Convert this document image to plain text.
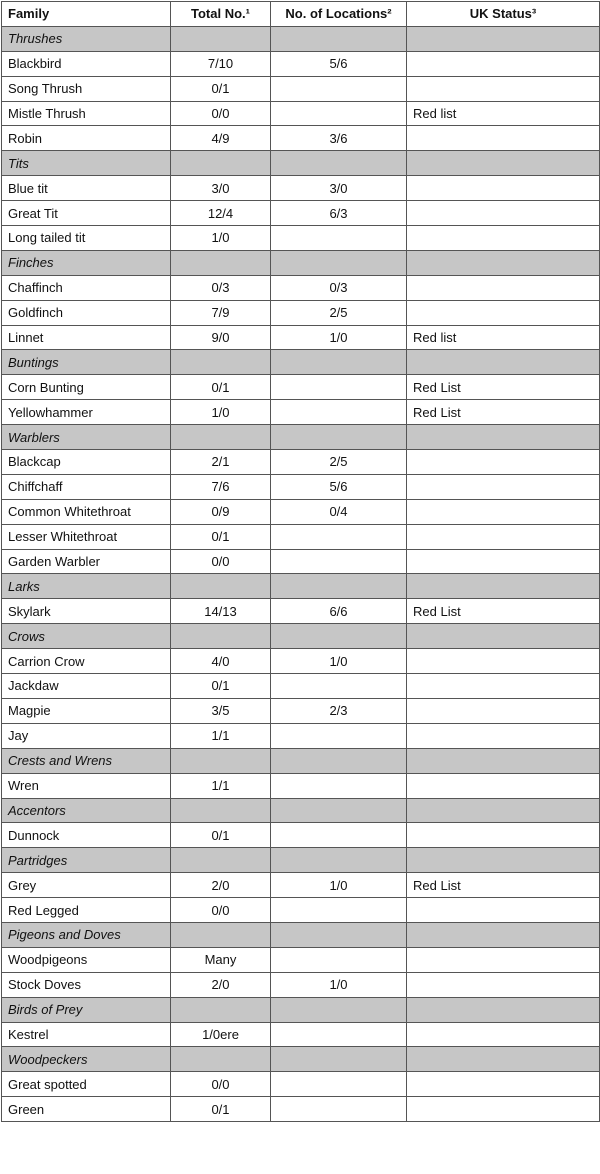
Family	Total No.¹	No. of Locations²	UK Status³
Thrushes			
Blackbird	7/10	5/6	
Song Thrush	0/1		
Mistle Thrush	0/0		Red list
Robin	4/9	3/6	
Tits			
Blue tit	3/0	3/0	
Great Tit	12/4	6/3	
Long tailed tit	1/0		
Finches			
Chaffinch	0/3	0/3	
Goldfinch	7/9	2/5	
Linnet	9/0	1/0	Red list
Buntings			
Corn Bunting	0/1		Red List
Yellowhammer	1/0		Red List
Warblers			
Blackcap	2/1	2/5	
Chiffchaff	7/6	5/6	
Common Whitethroat	0/9	0/4	
Lesser Whitethroat	0/1		
Garden Warbler	0/0		
Larks			
Skylark	14/13	6/6	Red List
Crows			
Carrion Crow	4/0	1/0	
Jackdaw	0/1		
Magpie	3/5	2/3	
Jay	1/1		
Crests and Wrens			
Wren	1/1		
Accentors			
Dunnock	0/1		
Partridges			
Grey	2/0	1/0	Red List
Red Legged	0/0		
Pigeons and Doves			
Woodpigeons	Many		
Stock Doves	2/0	1/0	
Birds of Prey			
Kestrel	1/0ere		
Woodpeckers			
Great spotted	0/0		
Green	0/1		
